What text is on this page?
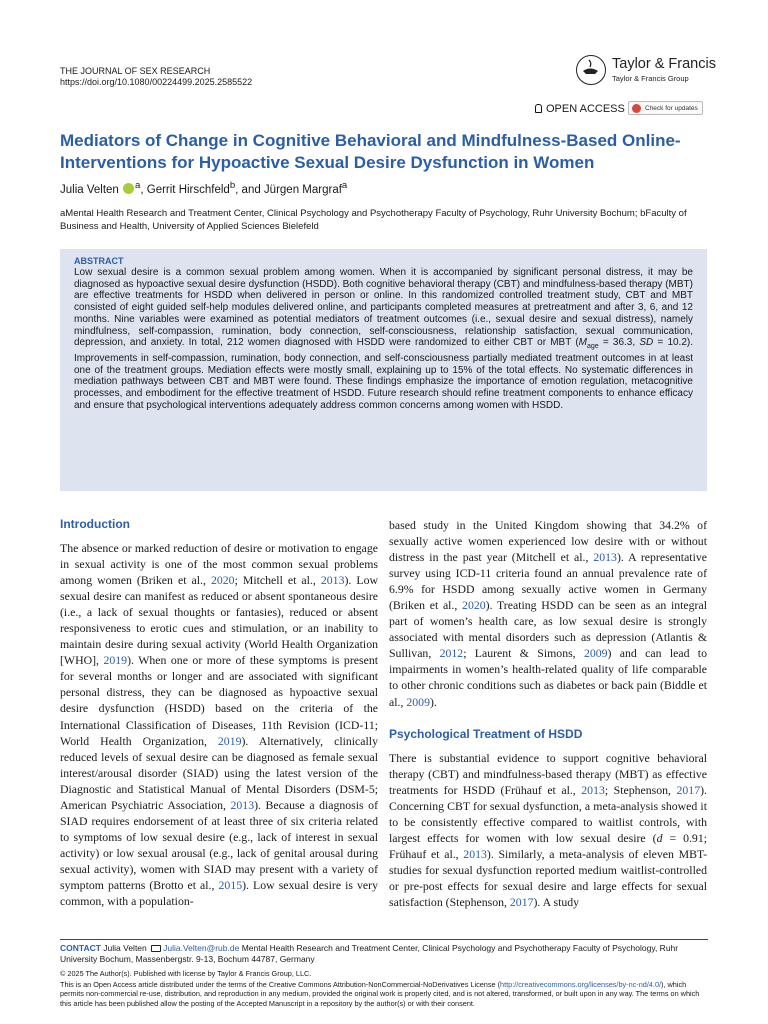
THE JOURNAL OF SEX RESEARCH
https://doi.org/10.1080/00224499.2025.2585522
Taylor & Francis
Taylor & Francis Group
OPEN ACCESS	Check for updates
Mediators of Change in Cognitive Behavioral and Mindfulness-Based Online-Interventions for Hypoactive Sexual Desire Dysfunction in Women
Julia Velten $^a$, Gerrit Hirschfeld$^b$, and Jürgen Margraf$^a$
aMental Health Research and Treatment Center, Clinical Psychology and Psychotherapy Faculty of Psychology, Ruhr University Bochum; bFaculty of Business and Health, University of Applied Sciences Bielefeld
ABSTRACT
Low sexual desire is a common sexual problem among women. When it is accompanied by significant personal distress, it may be diagnosed as hypoactive sexual desire dysfunction (HSDD). Both cognitive behavioral therapy (CBT) and mindfulness-based therapy (MBT) are effective treatments for HSDD when delivered in person or online. In this randomized controlled treatment study, CBT and MBT consisted of eight guided self-help modules delivered online, and participants completed measures at pretreatment and after 3, 6, and 12 months. Nine variables were examined as potential mediators of treatment outcomes (i.e., sexual desire and sexual distress), namely mindfulness, self-compassion, rumination, body connection, self-consciousness, relationship satisfaction, sexual communication, depression, and anxiety. In total, 212 women diagnosed with HSDD were randomized to either CBT or MBT ($M_{age} = 36.3$, SD = 10.2). Improvements in self-compassion, rumination, body connection, and self-consciousness partially mediated treatment outcomes in at least one of the treatment groups. Mediation effects were mostly small, explaining up to 15% of the total effects. No systematic differences in mediation pathways between CBT and MBT were found. These findings emphasize the importance of emotion regulation, metacognitive processes, and embodiment for the effective treatment of HSDD. Future research should refine treatment components to enhance efficacy and ensure that psychological interventions adequately address common concerns among women with HSDD.
Introduction

The absence or marked reduction of desire or motivation to engage in sexual activity is one of the most common sexual problems among women (Briken et al., 2020; Mitchell et al., 2013). Low sexual desire can manifest as reduced or absent spontaneous desire (i.e., a lack of sexual thoughts or fantasies), reduced or absent responsiveness to erotic cues and stimulation, or an inability to maintain desire during sexual activity (World Health Organization [WHO], 2019). When one or more of these symptoms is present for several months or longer and are associated with significant personal distress, they can be diagnosed as hypoactive sexual desire dysfunction (HSDD) based on the criteria of the International Classification of Diseases, 11th Revision (ICD-11; World Health Organization, 2019). Alternatively, clinically reduced levels of sexual desire can be diagnosed as female sexual interest/arousal disorder (SIAD) using the latest version of the Diagnostic and Statistical Manual of Mental Disorders (DSM-5; American Psychiatric Association, 2013). Because a diagnosis of SIAD requires endorsement of at least three of six criteria related to symptoms of low sexual desire (e.g., lack of interest in sexual activity) or low sexual arousal (e.g., lack of genital arousal during sexual activity), women with SIAD may present with a variety of symptom patterns (Brotto et al., 2015). Low sexual desire is very common, with a population-

based study in the United Kingdom showing that 34.2% of sexually active women experienced low desire with or without distress in the past year (Mitchell et al., 2013). A representative survey using ICD-11 criteria found an annual prevalence rate of 6.9% for HSDD among sexually active women in Germany (Briken et al., 2020). Treating HSDD can be seen as an integral part of women’s health care, as low sexual desire is strongly associated with mental disorders such as depression (Atlantis & Sullivan, 2012; Laurent & Simons, 2009) and can lead to impairments in women’s health-related quality of life comparable to other chronic conditions such as diabetes or back pain (Biddle et al., 2009).

Psychological Treatment of HSDD

There is substantial evidence to support cognitive behavioral therapy (CBT) and mindfulness-based therapy (MBT) as effective treatments for HSDD (Frühauf et al., 2013; Stephenson, 2017). Concerning CBT for sexual dysfunction, a meta-analysis showed it to be consistently effective compared to waitlist controls, with largest effects for women with low sexual desire (d = 0.91; Frühauf et al., 2013). Similarly, a meta-analysis of eleven MBT-studies for sexual dysfunction reported medium waitlist-controlled or pre-post effects for sexual desire and large effects for sexual satisfaction (Stephenson, 2017). A study

CONTACT Julia Velten Julia.Velten@rub.de Mental Health Research and Treatment Center, Clinical Psychology and Psychotherapy Faculty of Psychology, Ruhr University Bochum, Massenbergstr. 9-13, Bochum 44787, Germany
© 2025 The Author(s). Published with license by Taylor & Francis Group, LLC.
This is an Open Access article distributed under the terms of the Creative Commons Attribution-NonCommercial-NoDerivatives License (http://creativecommons.org/licenses/by-nc-nd/4.0/), which permits non-commercial re-use, distribution, and reproduction in any medium, provided the original work is properly cited, and is not altered, transformed, or built upon in any way. The terms on which this article has been published allow the posting of the Accepted Manuscript in a repository by the author(s) or with their consent.
